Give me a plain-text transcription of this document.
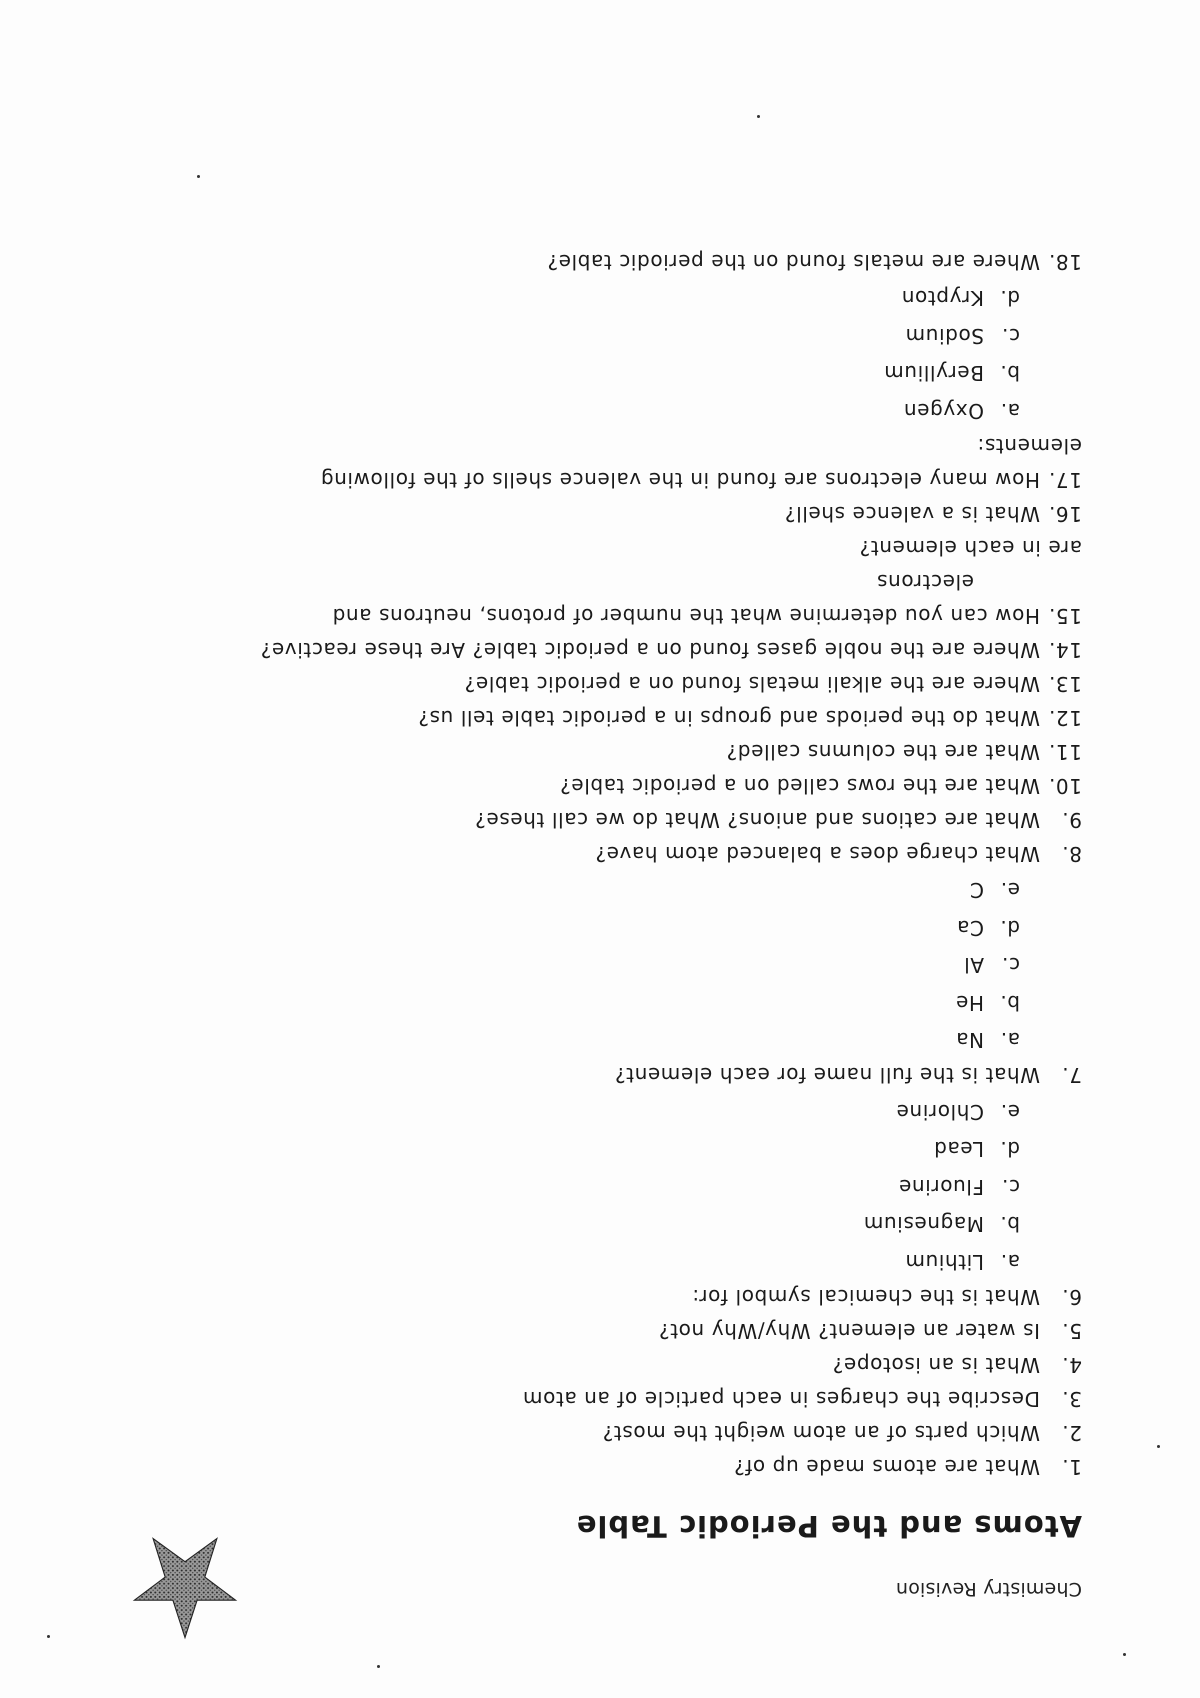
Chemistry Revision
Atoms and the Periodic Table
1.What are atoms made up of?
2.Which parts of an atom weight the most?
3.Describe the charges in each particle of an atom
4.What is an isotope?
5.Is water an element? Why/Why not?
6.What is the chemical symbol for:
a.Lithium
b.Magnesium
c.Fluorine
d.Lead
e.Chlorine
7.What is the full name for each element?
a.Na
b.He
c.Al
d.Ca
e.C
8.What charge does a balanced atom have?
9.What are cations and anions? What do we call these?
10.What are the rows called on a periodic table?
11.What are the columns called?
12.What do the periods and groups in a periodic table tell us?
13.Where are the alkali metals found on a periodic table?
14.Where are the noble gases found on a periodic table? Are these reactive?
15.How can you determine what the number of protons, neutrons and
electrons
are in each element?
16.What is a valence shell?
17.How many electrons are found in the valence shells of the following
elements:
a.Oxygen
b.Beryllium
c.Sodium
d.Krypton
18.Where are metals found on the periodic table?
